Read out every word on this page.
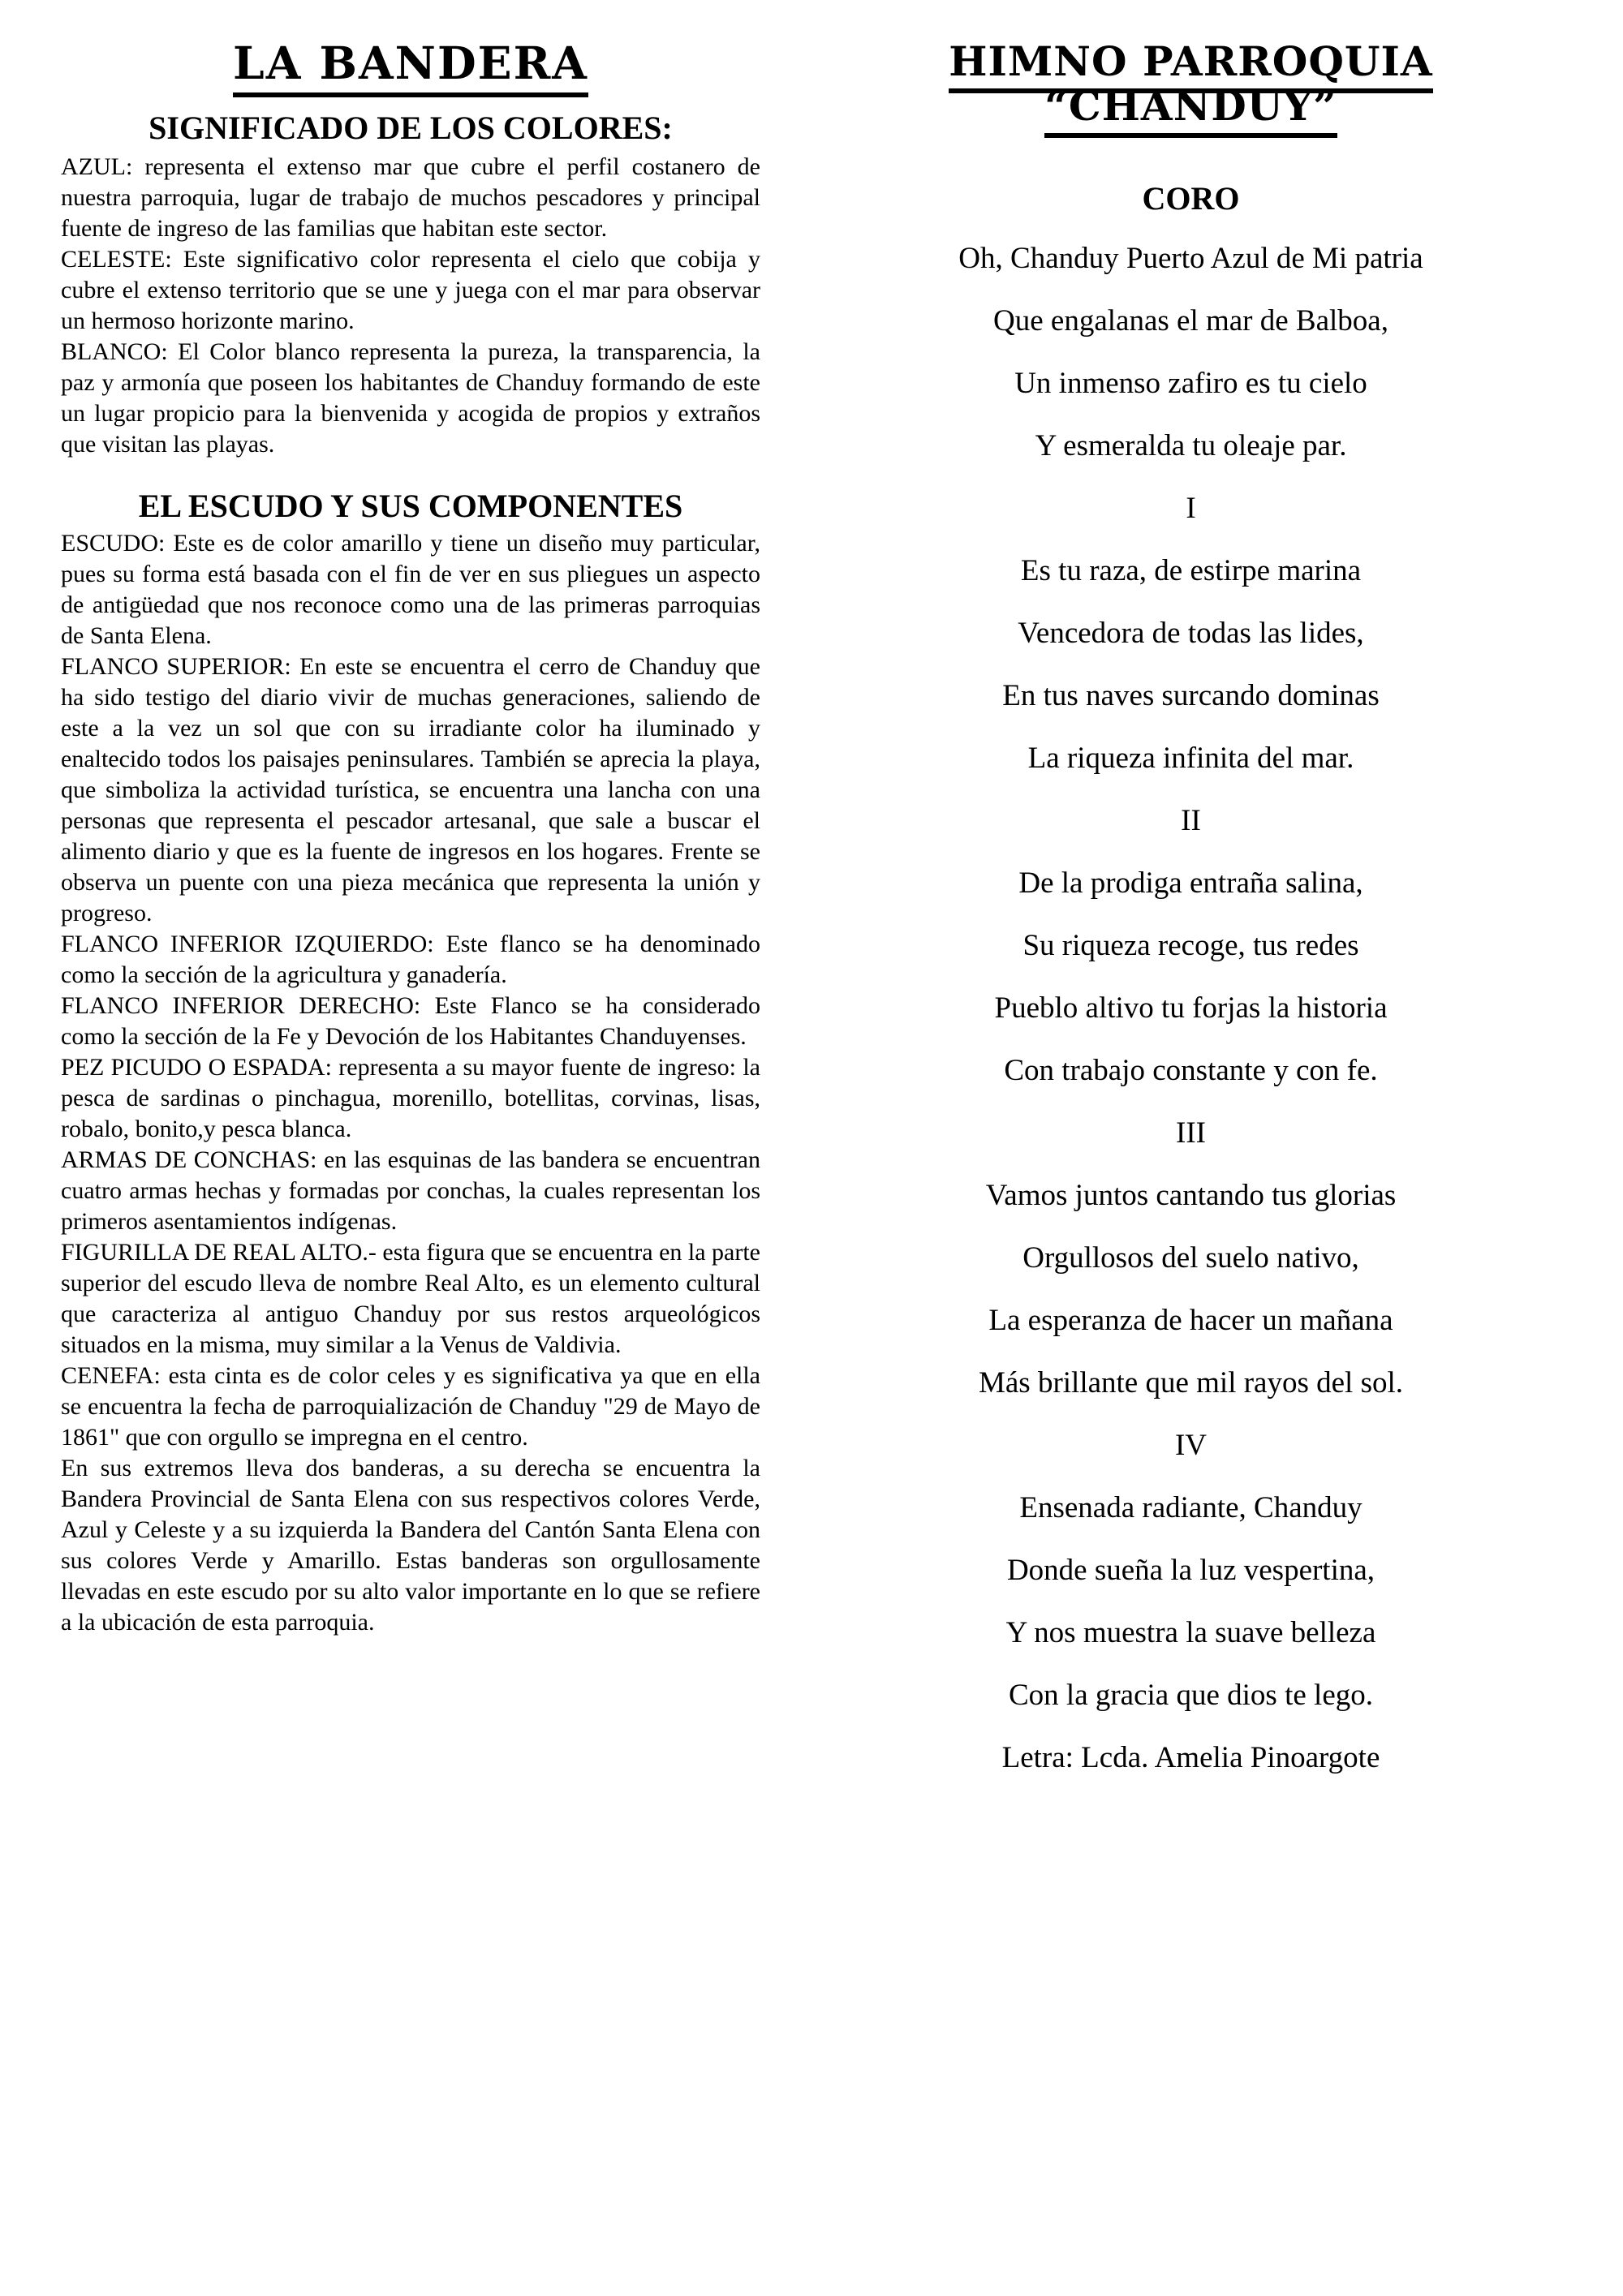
LA BANDERA
SIGNIFICADO DE LOS COLORES:

AZUL: representa el extenso mar que cubre el perfil costanero de nuestra parroquia, lugar de trabajo de muchos pescadores y principal fuente de ingreso de las familias que habitan este sector.

CELESTE: Este significativo color representa el cielo que cobija y cubre el extenso territorio que se une y juega con el mar para observar un hermoso horizonte marino.

BLANCO: El Color blanco representa la pureza, la transparencia, la paz y armonía que poseen los habitantes de Chanduy formando de este un lugar propicio para la bienvenida y acogida de propios y extraños que visitan las playas.

EL ESCUDO Y SUS COMPONENTES

ESCUDO: Este es de color amarillo y tiene un diseño muy particular, pues su forma está basada con el fin de ver en sus pliegues un aspecto de antigüedad que nos reconoce como una de las primeras parroquias de Santa Elena.

FLANCO SUPERIOR: En este se encuentra el cerro de Chanduy que ha sido testigo del diario vivir de muchas generaciones, saliendo de este a la vez un sol que con su irradiante color ha iluminado y enaltecido todos los paisajes peninsulares. También se aprecia la playa, que simboliza la actividad turística, se encuentra una lancha con una personas que representa el pescador artesanal, que sale a buscar el alimento diario y que es la fuente de ingresos en los hogares. Frente se observa un puente con una pieza mecánica que representa la unión y progreso.

FLANCO INFERIOR IZQUIERDO: Este flanco se ha denominado como la sección de la agricultura y ganadería.

FLANCO INFERIOR DERECHO: Este Flanco se ha considerado como la sección de la Fe y Devoción de los Habitantes Chanduyenses.

PEZ PICUDO O ESPADA: representa a su mayor fuente de ingreso: la pesca de sardinas o pinchagua, morenillo, botellitas, corvinas, lisas, robalo, bonito,y pesca blanca.

ARMAS DE CONCHAS: en las esquinas de las bandera se encuentran cuatro armas hechas y formadas por conchas, la cuales representan los primeros asentamientos indígenas.

FIGURILLA DE REAL ALTO.- esta figura que se encuentra en la parte superior del escudo lleva de nombre Real Alto, es un elemento cultural que caracteriza al antiguo Chanduy por sus restos arqueológicos situados en la misma, muy similar a la Venus de Valdivia.

CENEFA: esta cinta es de color celes y es significativa ya que en ella se encuentra la fecha de parroquialización de Chanduy "29 de Mayo de 1861" que con orgullo se impregna en el centro.

En sus extremos lleva dos banderas, a su derecha se encuentra la Bandera Provincial de Santa Elena con sus respectivos colores Verde, Azul y Celeste y a su izquierda la Bandera del Cantón Santa Elena con sus colores Verde y Amarillo. Estas banderas son orgullosamente llevadas en este escudo por su alto valor importante en lo que se refiere a la ubicación de esta parroquia.

HIMNO PARROQUIA “CHANDUY”
CORO
Oh, Chanduy Puerto Azul de Mi patria
Que engalanas el mar de Balboa,
Un inmenso zafiro es tu cielo
Y esmeralda tu oleaje par.
I
Es tu raza, de estirpe marina
Vencedora de todas las lides,
En tus naves surcando dominas
La riqueza infinita del mar.
II
De la prodiga entraña salina,
Su riqueza recoge, tus redes
Pueblo altivo tu forjas la historia
Con trabajo constante y con fe.
III
Vamos juntos cantando tus glorias
Orgullosos del suelo nativo,
La esperanza de hacer un mañana
Más brillante que mil rayos del sol.
IV
Ensenada radiante, Chanduy
Donde sueña la luz vespertina,
Y nos muestra la suave belleza
Con la gracia que dios te lego.
Letra: Lcda. Amelia Pinoargote
